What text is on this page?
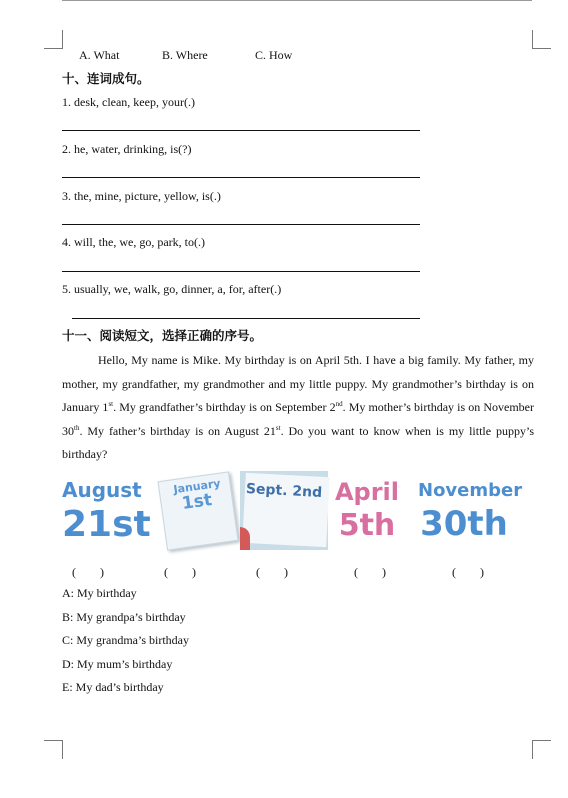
A. What	B. Where	C. How
十、连词成句。
1. desk, clean, keep, your(.)
2. he, water, drinking, is(?)
3. the, mine, picture, yellow, is(.)
4. will, the, we, go, park, to(.)
5. usually, we, walk, go, dinner, a, for, after(.)
十一、阅读短文，选择正确的序号。

Hello, My name is Mike. My birthday is on April 5th. I have a big family. My father, my mother, my grandfather, my grandmother and my little puppy. My grandmother’s birthday is on January 1st. My grandfather’s birthday is on September 2nd. My mother’s birthday is on November 30th. My father’s birthday is on August 21st. Do you want to know when is my little puppy’s birthday?

August
21st
January
1st	Sept. 2nd April
5th
November
30th
(　　)	(　　)	(　　)	(　　)	(　　)
A: My birthday
B: My grandpa’s birthday
C: My grandma’s birthday
D: My mum’s birthday
E: My dad’s birthday
